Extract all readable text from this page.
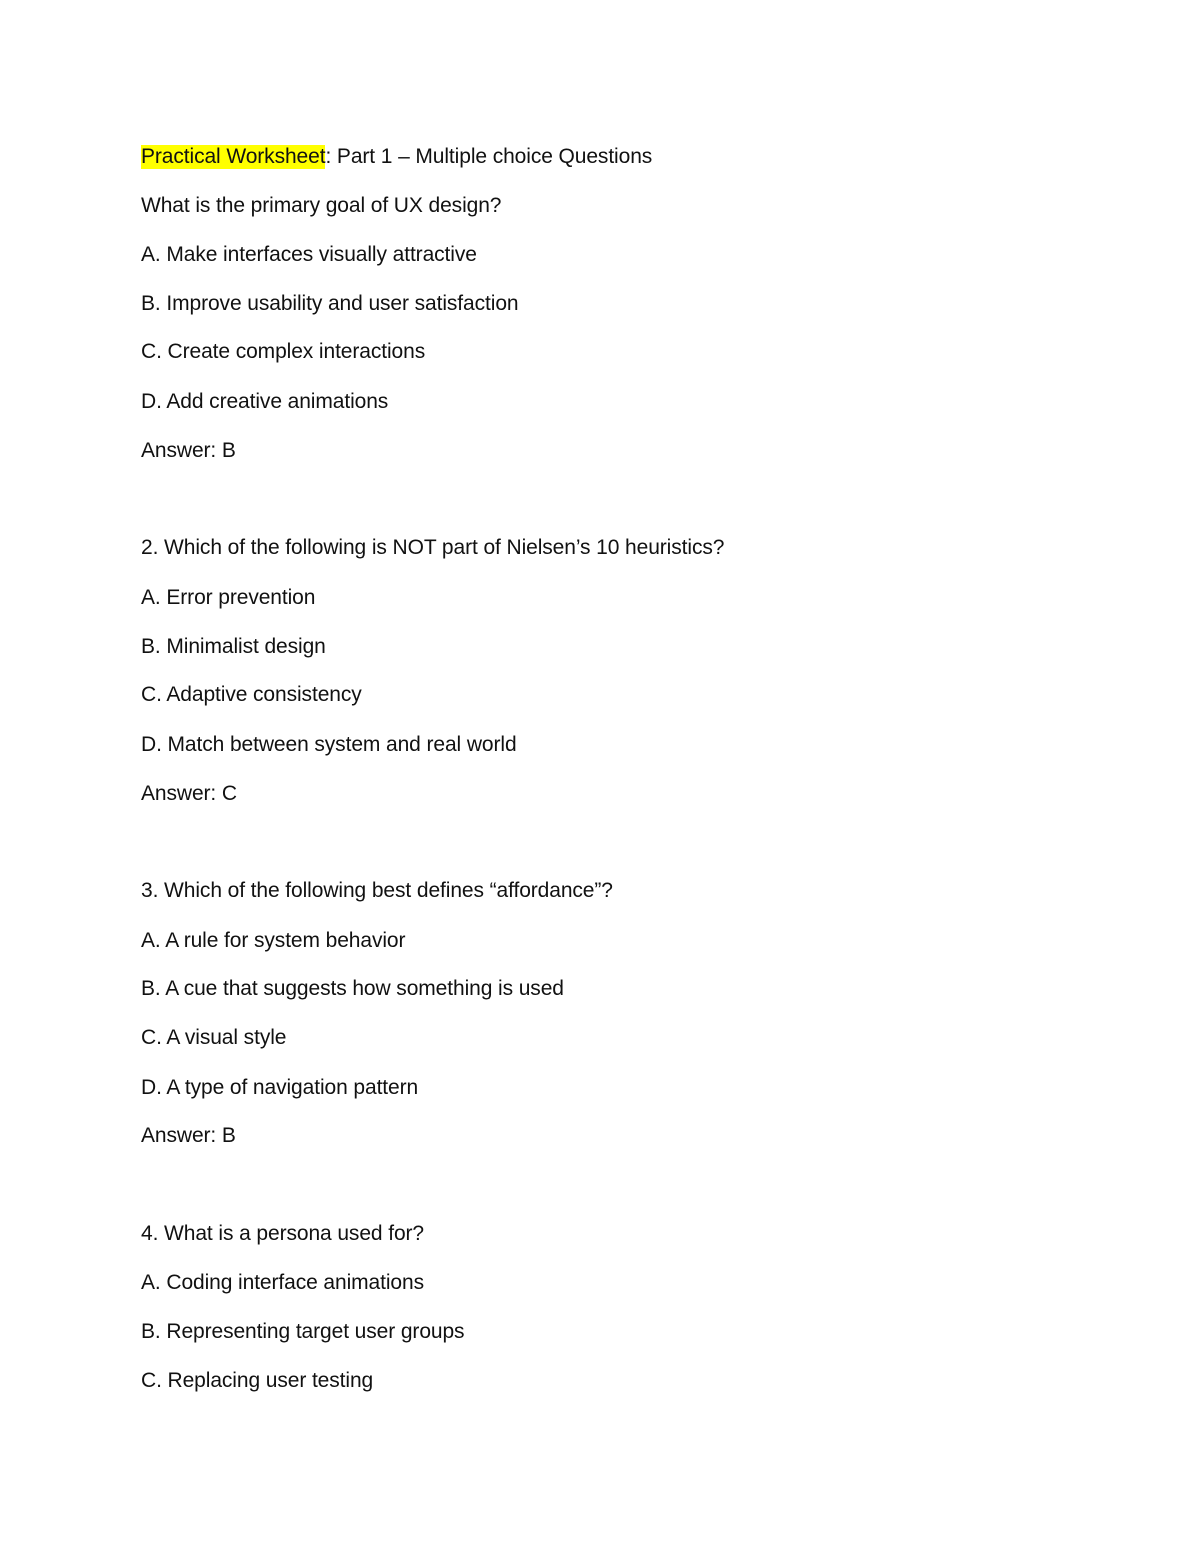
Practical Worksheet: Part 1 – Multiple choice Questions
What is the primary goal of UX design?
A. Make interfaces visually attractive
B. Improve usability and user satisfaction
C. Create complex interactions
D. Add creative animations
Answer: B
2. Which of the following is NOT part of Nielsen’s 10 heuristics?
A. Error prevention
B. Minimalist design
C. Adaptive consistency
D. Match between system and real world
Answer: C
3. Which of the following best defines “affordance”?
A. A rule for system behavior
B. A cue that suggests how something is used
C. A visual style
D. A type of navigation pattern
Answer: B
4. What is a persona used for?
A. Coding interface animations
B. Representing target user groups
C. Replacing user testing
